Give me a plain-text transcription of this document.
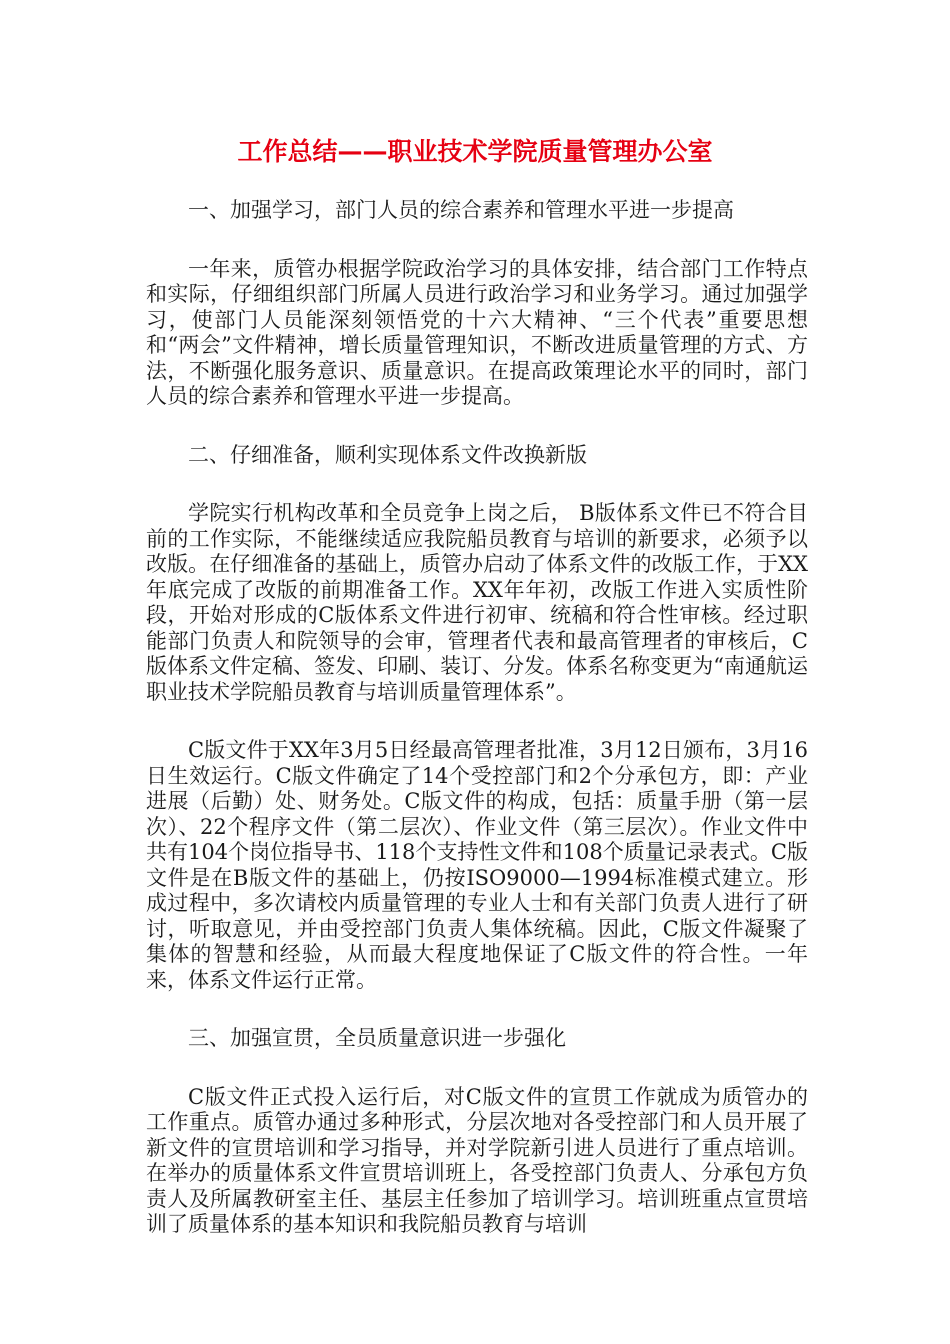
工作总结——职业技术学院质量管理办公室

一、加强学习，部门人员的综合素养和管理水平进一步提高

一年来，质管办根据学院政治学习的具体安排，结合部门工作特点和实际，仔细组织部门所属人员进行政治学习和业务学习。通过加强学习，使部门人员能深刻领悟党的十六大精神、“三个代表”重要思想和“两会”文件精神，增长质量管理知识，不断改进质量管理的方式、方法，不断强化服务意识、质量意识。在提高政策理论水平的同时，部门人员的综合素养和管理水平进一步提高。

二、仔细准备，顺利实现体系文件改换新版

学院实行机构改革和全员竞争上岗之后， B版体系文件已不符合目前的工作实际，不能继续适应我院船员教育与培训的新要求，必须予以改版。在仔细准备的基础上，质管办启动了体系文件的改版工作，于XX年底完成了改版的前期准备工作。XX年年初，改版工作进入实质性阶段，开始对形成的C版体系文件进行初审、统稿和符合性审核。经过职能部门负责人和院领导的会审，管理者代表和最高管理者的审核后，C版体系文件定稿、签发、印刷、装订、分发。体系名称变更为“南通航运职业技术学院船员教育与培训质量管理体系”。

C版文件于XX年3月5日经最高管理者批准，3月12日颁布，3月16日生效运行。C版文件确定了14个受控部门和2个分承包方，即：产业进展（后勤）处、财务处。C版文件的构成，包括：质量手册（第一层次）、22个程序文件（第二层次）、作业文件（第三层次）。作业文件中共有104个岗位指导书、118个支持性文件和108个质量记录表式。C版文件是在B版文件的基础上，仍按ISO9000—1994标准模式建立。形成过程中，多次请校内质量管理的专业人士和有关部门负责人进行了研讨，听取意见，并由受控部门负责人集体统稿。因此，C版文件凝聚了集体的智慧和经验，从而最大程度地保证了C版文件的符合性。一年来，体系文件运行正常。

三、加强宣贯，全员质量意识进一步强化

C版文件正式投入运行后，对C版文件的宣贯工作就成为质管办的工作重点。质管办通过多种形式，分层次地对各受控部门和人员开展了新文件的宣贯培训和学习指导，并对学院新引进人员进行了重点培训。在举办的质量体系文件宣贯培训班上，各受控部门负责人、分承包方负责人及所属教研室主任、基层主任参加了培训学习。培训班重点宣贯培训了质量体系的基本知识和我院船员教育与培训
